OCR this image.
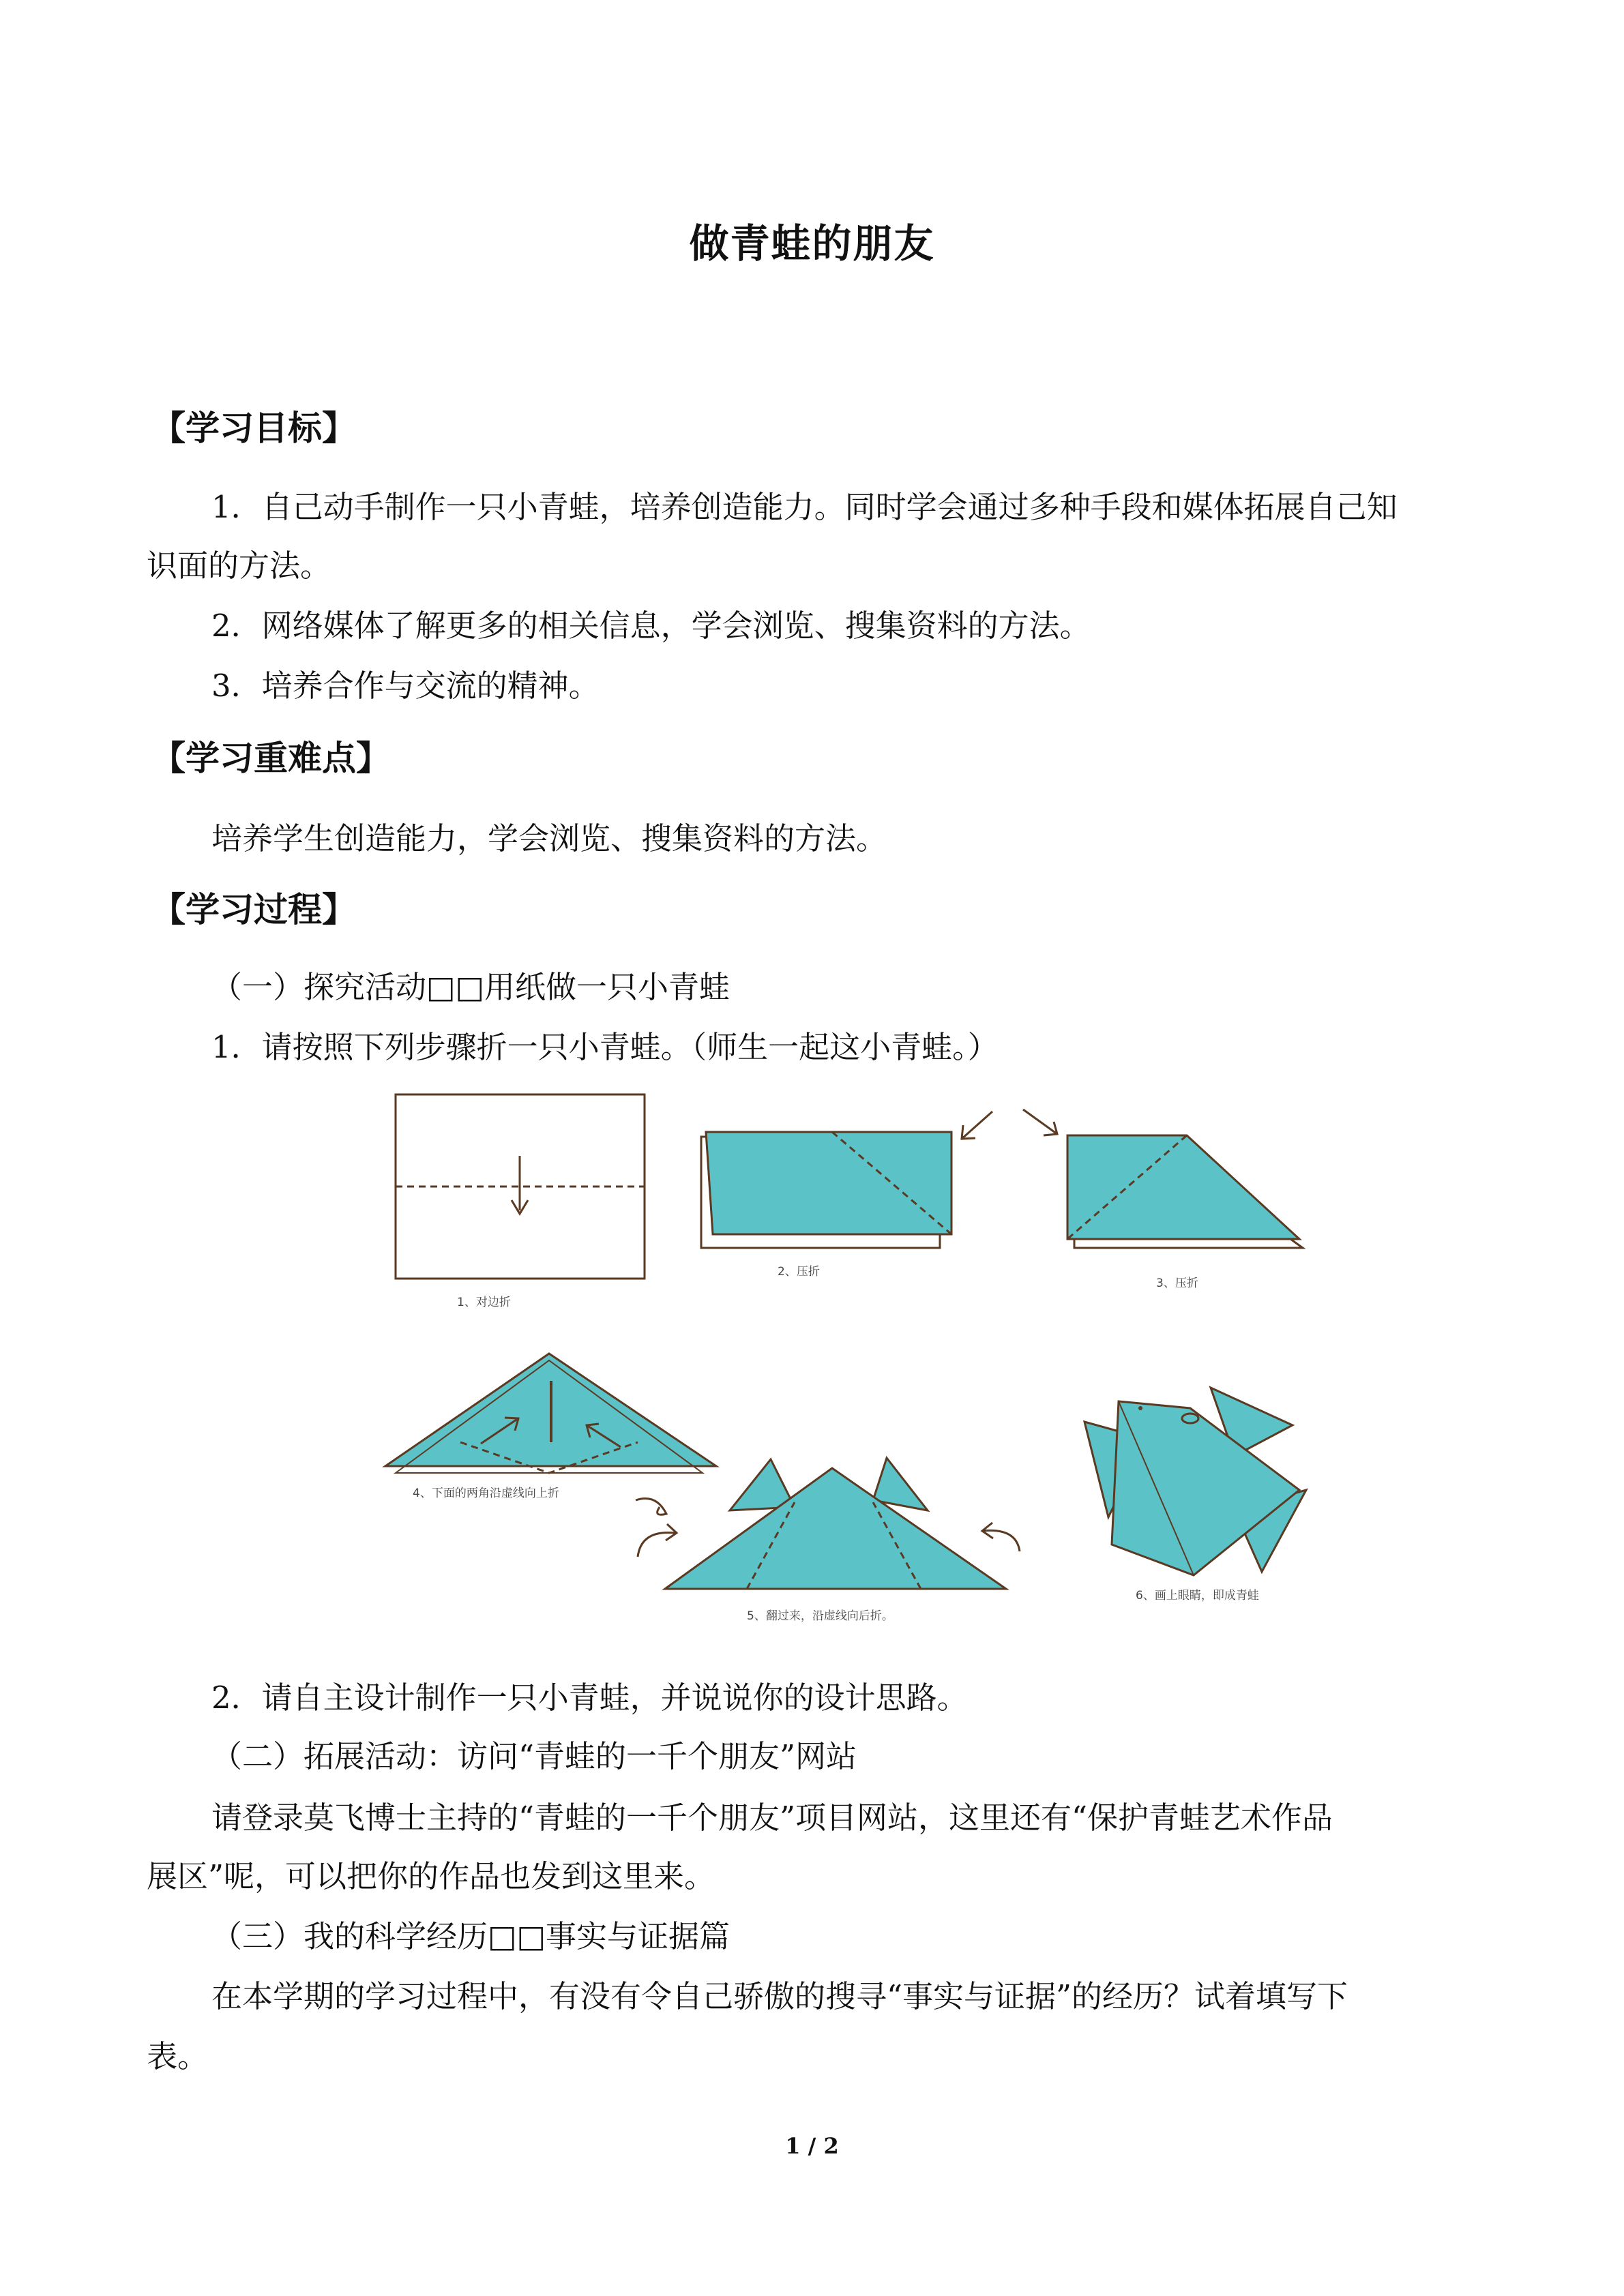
做青蛙的朋友
【学习目标】
1．自己动手制作一只小青蛙，培养创造能力。同时学会通过多种手段和媒体拓展自己知
识面的方法。
2．网络媒体了解更多的相关信息，学会浏览、搜集资料的方法。
3．培养合作与交流的精神。
【学习重难点】
培养学生创造能力，学会浏览、搜集资料的方法。
【学习过程】
（一）探究活动□□用纸做一只小青蛙
1．请按照下列步骤折一只小青蛙。（师生一起这小青蛙。）
1、对边折
2、压折
3、压折
4、下面的两角沿虚线向上折
5、翻过来，沿虚线向后折。
6、画上眼睛，即成青蛙
2．请自主设计制作一只小青蛙，并说说你的设计思路。
（二）拓展活动：访问“青蛙的一千个朋友”网站
请登录莫飞博士主持的“青蛙的一千个朋友”项目网站，这里还有“保护青蛙艺术作品
展区”呢，可以把你的作品也发到这里来。
（三）我的科学经历□□事实与证据篇
在本学期的学习过程中，有没有令自己骄傲的搜寻“事实与证据”的经历？试着填写下
表。
1 / 2
